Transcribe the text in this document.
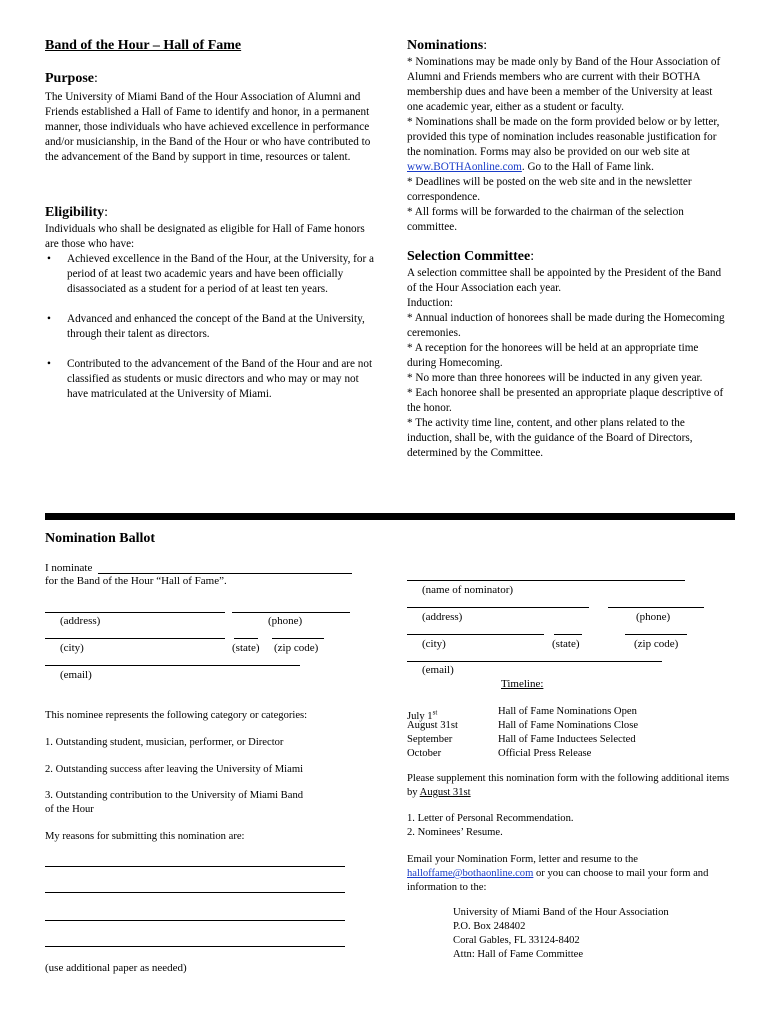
Band of the Hour – Hall of Fame
Purpose:

The University of Miami Band of the Hour Association of Alumni and Friends established a Hall of Fame to identify and honor, in a permanent manner, those individuals who have achieved excellence in performance and/or musicianship, in the Band of the Hour or who have contributed to the advancement of the Band by support in time, resources or talent.

Eligibility:

Individuals who shall be designated as eligible for Hall of Fame honors are those who have:

• Achieved excellence in the Band of the Hour, at the University, for a period of at least two academic years and have been officially disassociated as a student for a period of at least ten years.
• Advanced and enhanced the concept of the Band at the University, through their talent as directors.
• Contributed to the advancement of the Band of the Hour and are not classified as students or music directors and who may or may not have matriculated at the University of Miami.
Nominations:

* Nominations may be made only by Band of the Hour Association of Alumni and Friends members who are current with their BOTHA membership dues and have been a member of the University at least one academic year, either as a student or faculty.

* Nominations shall be made on the form provided below or by letter, provided this type of nomination includes reasonable justification for the nomination. Forms may also be provided on our web site at www.BOTHAonline.com. Go to the Hall of Fame link.

* Deadlines will be posted on the web site and in the newsletter correspondence.

* All forms will be forwarded to the chairman of the selection committee.

Selection Committee:

A selection committee shall be appointed by the President of the Band of the Hour Association each year.

Induction:

* Annual induction of honorees shall be made during the Homecoming ceremonies.

* A reception for the honorees will be held at an appropriate time during Homecoming.

* No more than three honorees will be inducted in any given year.

* Each honoree shall be presented an appropriate plaque descriptive of the honor.

* The activity time line, content, and other plans related to the induction, shall be, with the guidance of the Board of Directors, determined by the Committee.

Nomination Ballot
I nominate
for the Band of the Hour “Hall of Fame”.
(address)	(phone)
(city)	(state) (zip code)
(email)

This nominee represents the following category or categories:

1. Outstanding student, musician, performer, or Director

2. Outstanding success after leaving the University of Miami

3. Outstanding contribution to the University of Miami Band of the Hour

My reasons for submitting this nomination are:

(use additional paper as needed)
(name of nominator)
(address)	(phone)
(city)	(state)	(zip code)
(email)
Timeline:
July 1st	Hall of Fame Nominations Open
August 31st	Hall of Fame Nominations Close
September	Hall of Fame Inductees Selected
October	Official Press Release

Please supplement this nomination form with the following additional items by August 31st

1. Letter of Personal Recommendation.

2. Nominees’ Resume.

Email your Nomination Form, letter and resume to the
halloffame@bothaonline.com or you can choose to mail your form and information to the:

University of Miami Band of the Hour Association

P.O. Box 248402

Coral Gables, FL 33124-8402

Attn: Hall of Fame Committee
